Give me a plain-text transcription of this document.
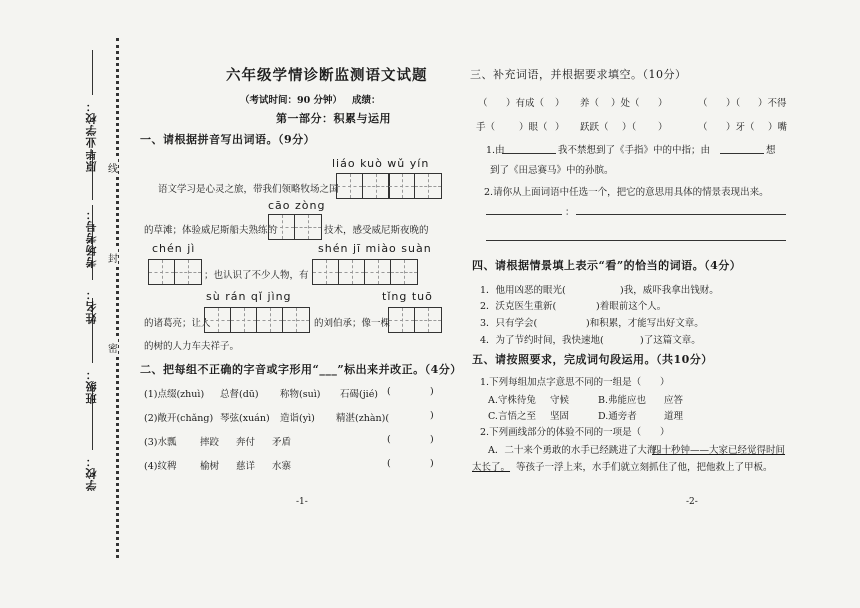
学校：
班级：
姓名：
考场考号：
原毕业学校： 线
封
密
六年级学情诊断监测语文试题
（考试时间：90 分钟） 成绩：
第一部分：积累与运用
一、请根据拼音写出词语。（9分）
liáo kuò wǔ yín
语文学习是心灵之旅，带我们领略牧场之国
cāo zòng
的草滩；体验威尼斯船夫熟练的	技术，感受威尼斯夜晚的
chén jì	shén jī miào suàn
；也认识了不少人物，有
sù rán qǐ jìng	tǐng tuō
的诸葛亮；让人	的刘伯承；像一棵
的树的人力车夫祥子。
二、把每组不正确的字音或字形用“___”标出来并改正。（4分）
(1)点缀(zhuì) 总督(dū) 称物(suì) 石碣(jié) (	)
(2)敞开(chǎng) 琴弦(xuán) 造诣(yì) 精湛(zhàn)(	)
(3)水瓢 摔跤 奔付 矛盾	(	)
(4)纹稗 榆树 慈详 水寨	(	)
-1-
三、补充词语，并根据要求填空。（10分）
（ ）有成（ ） 养（ ）处（ ）	（ ）（ ）不得
手（	）眼（ ） 跃跃（ ）（ ）	（ ）牙（ ）嘴
1.由	我不禁想到了《手指》中的中指；由	想
到了《田忌赛马》中的孙膑。
2.请你从上面词语中任选一个，把它的意思用具体的情景表现出来。
：
四、请根据情景填上表示“看”的恰当的词语。（4分）
1．他用凶恶的眼光(	)我，威吓我拿出钱财。
2．沃克医生重新(	)着眼前这个人。
3．只有学会(	)和积累，才能写出好文章。
4．为了节约时间，我快速地(	)了这篇文章。
五、请按照要求，完成词句段运用。（共10分）
1.下列每组加点字意思不同的一组是（ ）
A.守株待兔 守候	B.弗能应也 应答
C.言悟之至 坚固	D.通旁者	道理
2.下列画线部分的体验不同的一项是（ ）
A．二十来个勇敢的水手已经跳进了大海。
四十秒钟——大家已经觉得时间
太长了。 等孩子一浮上来，水手们就立刻抓住了他，把他救上了甲板。
-2-
